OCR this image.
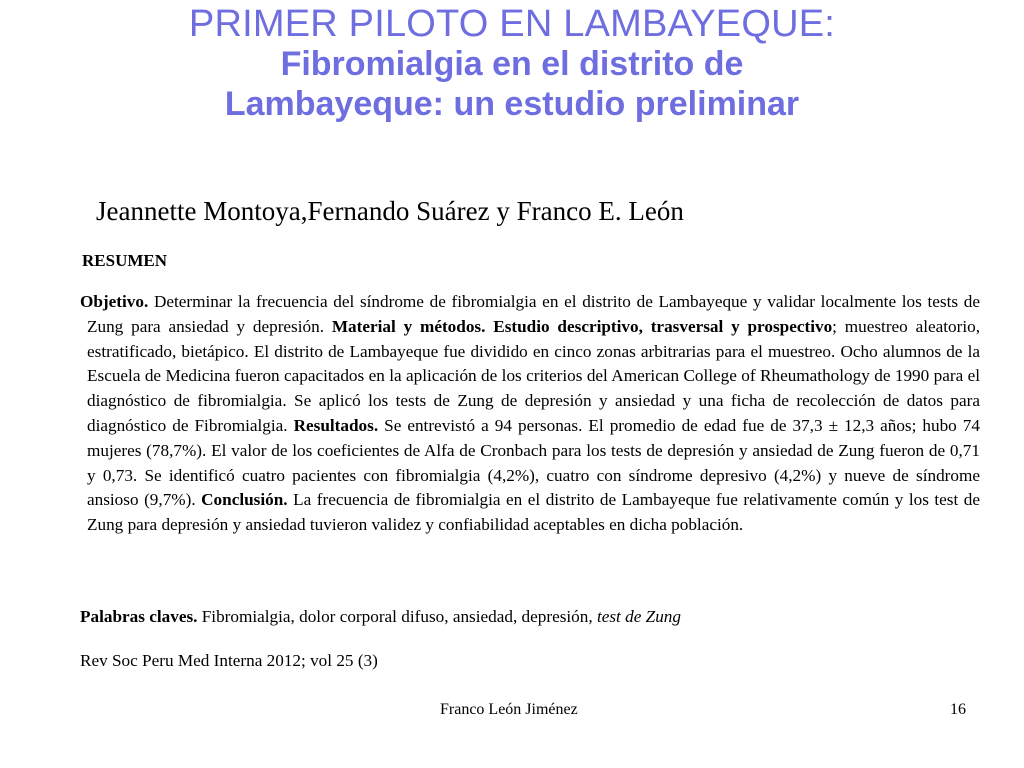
PRIMER PILOTO EN LAMBAYEQUE:
Fibromialgia en el distrito de
Lambayeque: un estudio preliminar
Jeannette Montoya,Fernando Suárez y Franco E. León
RESUMEN

Objetivo. Determinar la frecuencia del síndrome de fibromialgia en el distrito de Lambayeque y validar localmente los tests de Zung para ansiedad y depresión. Material y métodos. Estudio descriptivo, trasversal y prospectivo; muestreo aleatorio, estratificado, bietápico. El distrito de Lambayeque fue dividido en cinco zonas arbitrarias para el muestreo. Ocho alumnos de la Escuela de Medicina fueron capacitados en la aplicación de los criterios del American College of Rheumathology de 1990 para el diagnóstico de fibromialgia. Se aplicó los tests de Zung de depresión y ansiedad y una ficha de recolección de datos para diagnóstico de Fibromialgia. Resultados. Se entrevistó a 94 personas. El promedio de edad fue de 37,3 ± 12,3 años; hubo 74 mujeres (78,7%). El valor de los coeficientes de Alfa de Cronbach para los tests de depresión y ansiedad de Zung fueron de 0,71 y 0,73. Se identificó cuatro pacientes con fibromialgia (4,2%), cuatro con síndrome depresivo (4,2%) y nueve de síndrome ansioso (9,7%). Conclusión. La frecuencia de fibromialgia en el distrito de Lambayeque fue relativamente común y los test de Zung para depresión y ansiedad tuvieron validez y confiabilidad aceptables en dicha población.

Palabras claves. Fibromialgia, dolor corporal difuso, ansiedad, depresión, test de Zung
Rev Soc Peru Med Interna 2012; vol 25 (3)
Franco León Jiménez	16
